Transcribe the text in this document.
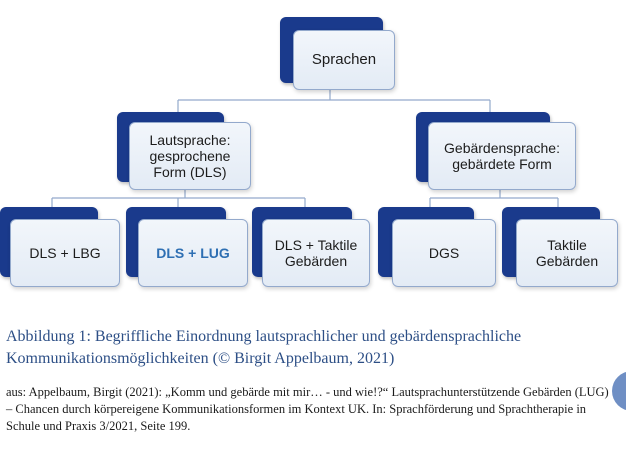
Sprachen
Lautsprache:
gesprochene
Form (DLS)
Gebärdensprache:
gebärdete Form
DLS + LBG	DLS + LUG	DLS + Taktile
Gebärden	DGS	Taktile
Gebärden
Abbildung 1: Begriffliche Einordnung lautsprachlicher und gebärdensprachliche Kommunikationsmöglichkeiten (© Birgit Appelbaum, 2021)
aus: Appelbaum, Birgit (2021): „Komm und gebärde mit mir… - und wie!?“ Lautsprachunterstützende Gebärden (LUG) – Chancen durch körpereigene Kommunikationsformen im Kontext UK. In: Sprachförderung und Sprachtherapie in Schule und Praxis 3/2021, Seite 199.
